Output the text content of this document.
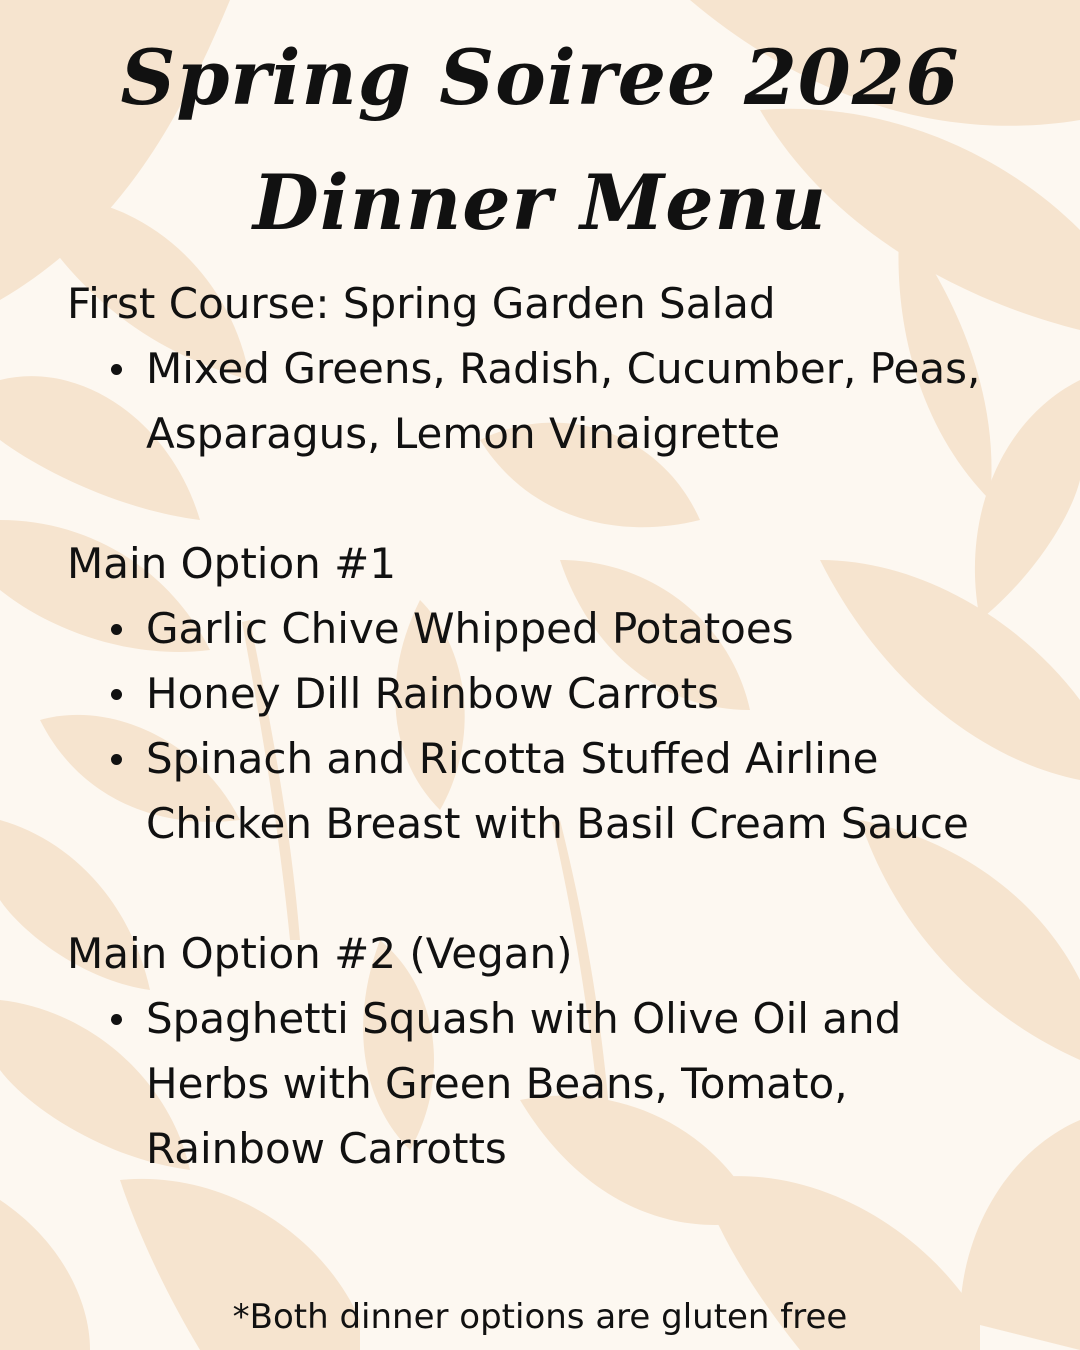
Spring Soiree 2026
Dinner Menu
First Course: Spring Garden Salad
Mixed Greens, Radish, Cucumber, Peas, Asparagus, Lemon Vinaigrette
Main Option #1
Garlic Chive Whipped Potatoes
Honey Dill Rainbow Carrots
Spinach and Ricotta Stuffed Airline Chicken Breast with Basil Cream Sauce
Main Option #2 (Vegan)
Spaghetti Squash with Olive Oil and Herbs with Green Beans, Tomato, Rainbow Carrotts

*Both dinner options are gluten free
